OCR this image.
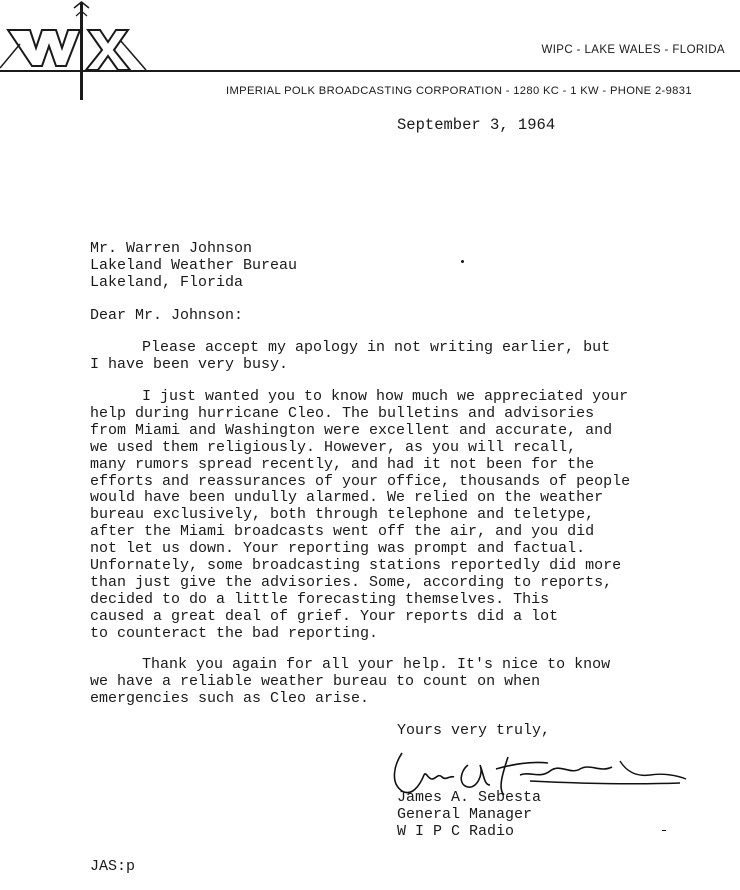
WIPC - LAKE WALES - FLORIDA
IMPERIAL POLK BROADCASTING CORPORATION - 1280 KC - 1 KW - PHONE 2-9831
September 3, 1964
Mr. Warren Johnson
Lakeland Weather Bureau
Lakeland, Florida
Dear Mr. Johnson:
Please accept my apology in not writing earlier, but
I have been very busy.
I just wanted you to know how much we appreciated your
help during hurricane Cleo. The bulletins and advisories
from Miami and Washington were excellent and accurate, and
we used them religiously. However, as you will recall,
many rumors spread recently, and had it not been for the
efforts and reassurances of your office, thousands of people
would have been undully alarmed. We relied on the weather
bureau exclusively, both through telephone and teletype,
after the Miami broadcasts went off the air, and you did
not let us down. Your reporting was prompt and factual.
Unfornately, some broadcasting stations reportedly did more
than just give the advisories. Some, according to reports,
decided to do a little forecasting themselves. This
caused a great deal of grief. Your reports did a lot
to counteract the bad reporting.
Thank you again for all your help. It's nice to know
we have a reliable weather bureau to count on when
emergencies such as Cleo arise.
Yours very truly,
James A. Sebesta
General Manager
W I P C Radio
JAS:p
